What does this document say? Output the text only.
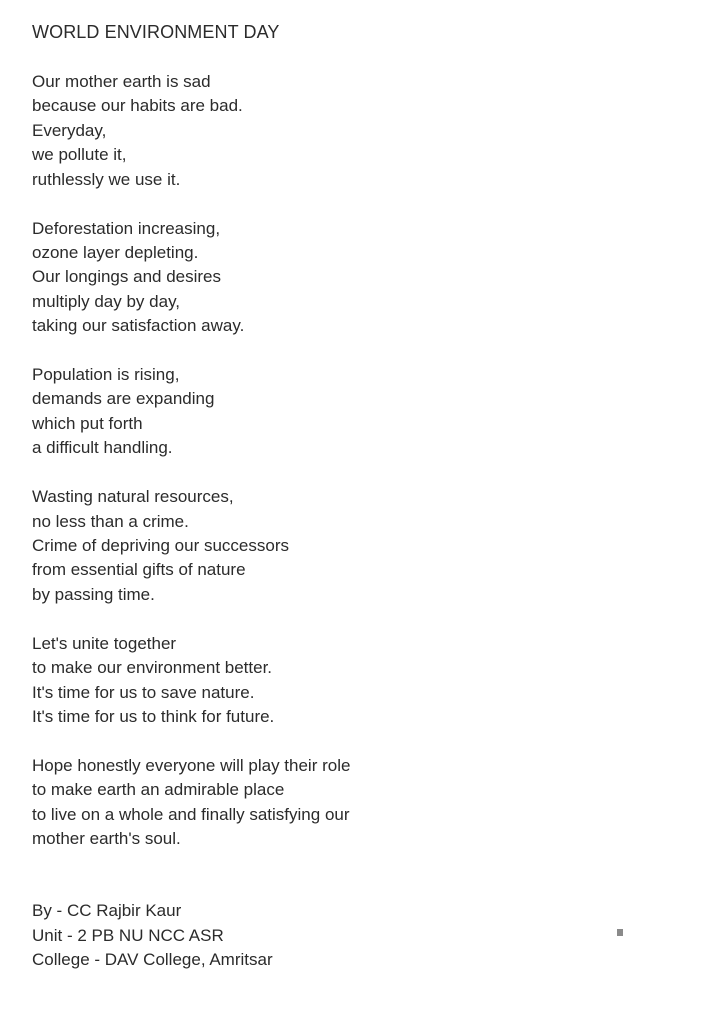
WORLD ENVIRONMENT DAY
Our mother earth is sad
because our habits are bad.
Everyday,
we pollute it,
ruthlessly we use it.
Deforestation increasing,
ozone layer depleting.
Our longings and desires
multiply day by day,
taking our satisfaction away.
Population is rising,
demands are expanding
which put forth
a difficult handling.
Wasting natural resources,
no less than a crime.
Crime of depriving our successors
from essential gifts of nature
by passing time.
Let's unite together
to make our environment better.
It's time for us to save nature.
It's time for us to think for future.
Hope honestly everyone will play their role
to make earth an admirable place
to live on a whole and finally satisfying our
mother earth's soul.
By - CC Rajbir Kaur
Unit - 2 PB NU NCC ASR
College - DAV College, Amritsar
